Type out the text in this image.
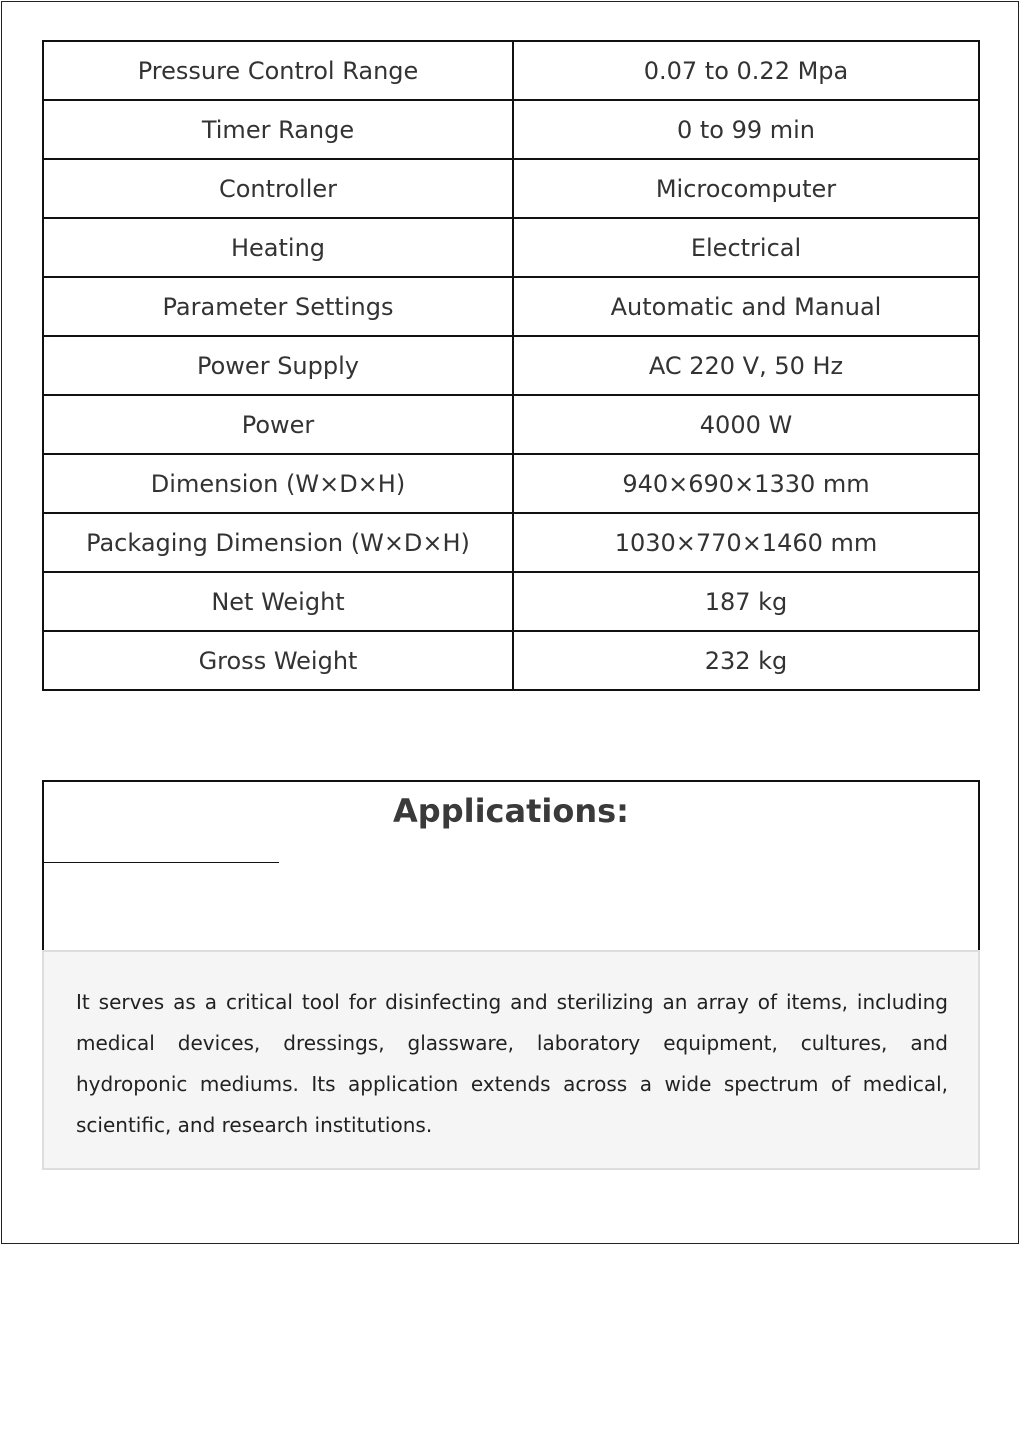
Pressure Control Range	0.07 to 0.22 Mpa
Timer Range	0 to 99 min
Controller	Microcomputer
Heating	Electrical
Parameter Settings	Automatic and Manual
Power Supply	AC 220 V, 50 Hz
Power	4000 W
Dimension (W×D×H)	940×690×1330 mm
Packaging Dimension (W×D×H)	1030×770×1460 mm
Net Weight	187 kg
Gross Weight	232 kg
Applications:

It serves as a critical tool for disinfecting and sterilizing an array of items, including medical devices, dressings, glassware, laboratory equipment, cultures, and hydroponic mediums. Its application extends across a wide spectrum of medical, scientific, and research institutions.
